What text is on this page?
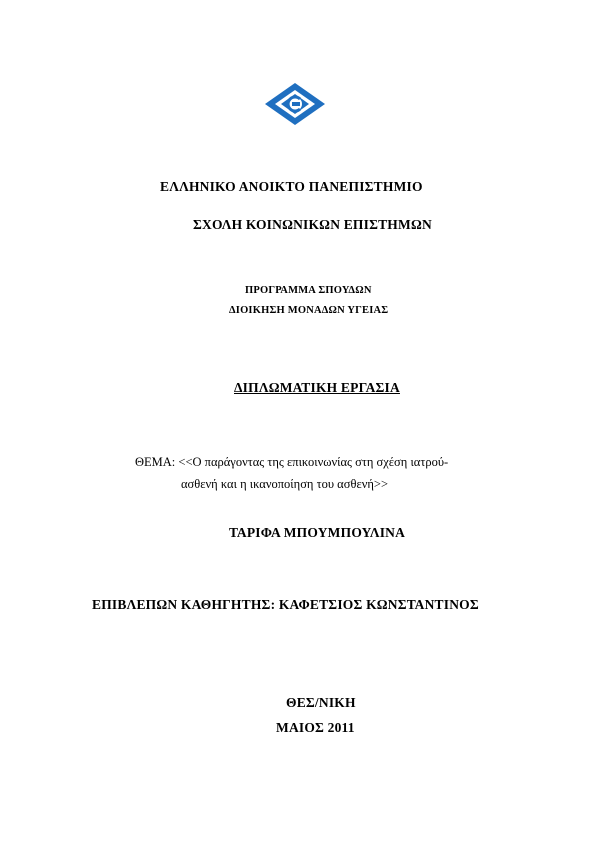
ΕΛΛΗΝΙΚΟ ΑΝΟΙΚΤΟ ΠΑΝΕΠΙΣΤΗΜΙΟ
ΣΧΟΛΗ ΚΟΙΝΩΝΙΚΩΝ ΕΠΙΣΤΗΜΩΝ
ΠΡΟΓΡΑΜΜΑ ΣΠΟΥΔΩΝ
ΔΙΟΙΚΗΣΗ ΜΟΝΑΔΩΝ ΥΓΕΙΑΣ
ΔΙΠΛΩΜΑΤΙΚΗ ΕΡΓΑΣΙΑ
ΘΕΜΑ: <<Ο παράγοντας της επικοινωνίας στη σχέση ιατρού-
ασθενή και η ικανοποίηση του ασθενή>>
ΤΑΡΙΦΑ ΜΠΟΥΜΠΟΥΛΙΝΑ
ΕΠΙΒΛΕΠΩΝ ΚΑΘΗΓΗΤΗΣ: ΚΑΦΕΤΣΙΟΣ ΚΩΝΣΤΑΝΤΙΝΟΣ
ΘΕΣ/ΝΙΚΗ
ΜΑΙΟΣ 2011
